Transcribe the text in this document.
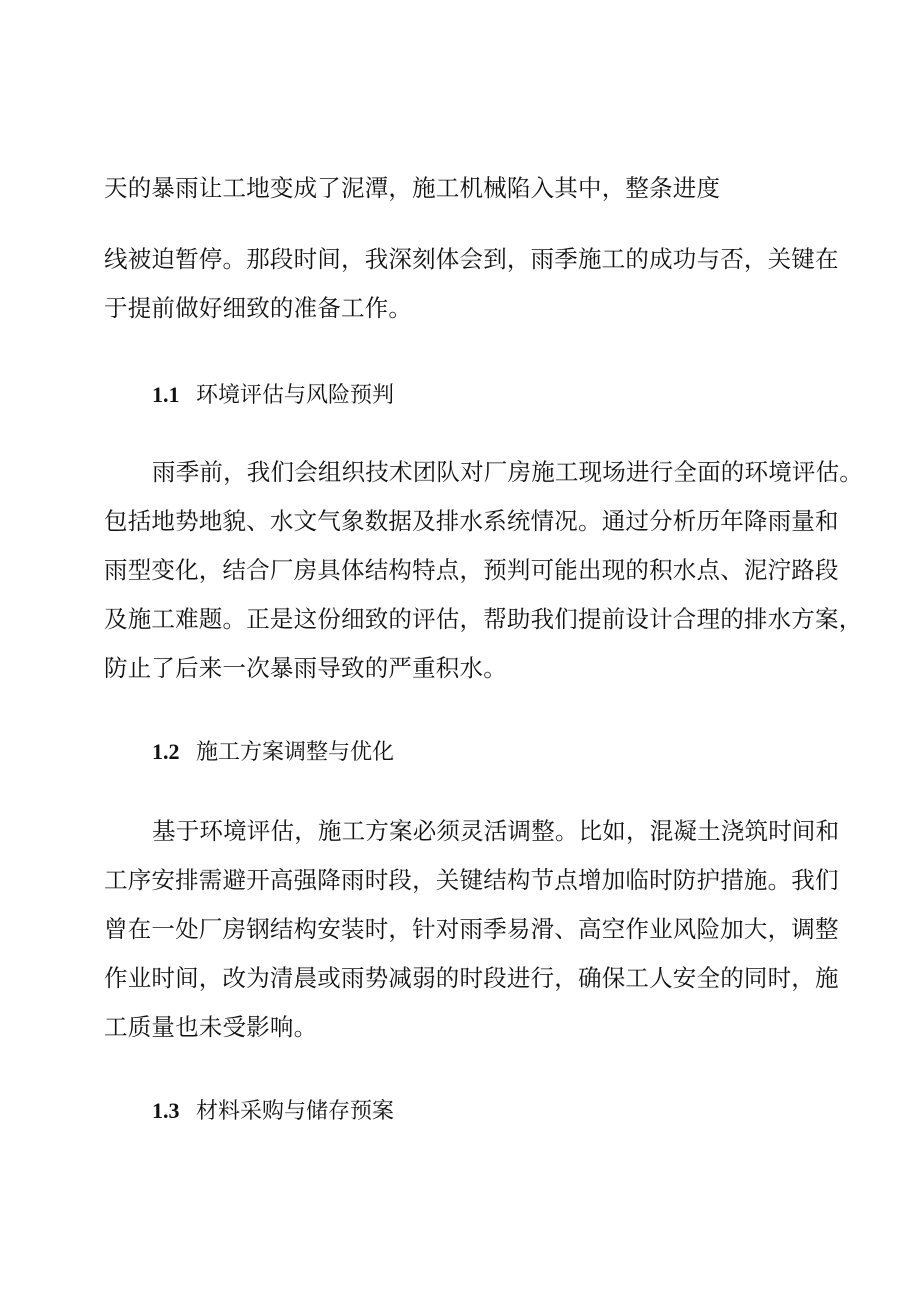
天的暴雨让工地变成了泥潭，施工机械陷入其中，整条进度
线被迫暂停。那段时间，我深刻体会到，雨季施工的成功与否，关键在
于提前做好细致的准备工作。
1.1 环境评估与风险预判
雨季前，我们会组织技术团队对厂房施工现场进行全面的环境评估。
包括地势地貌、水文气象数据及排水系统情况。通过分析历年降雨量和
雨型变化，结合厂房具体结构特点，预判可能出现的积水点、泥泞路段
及施工难题。正是这份细致的评估，帮助我们提前设计合理的排水方案，
防止了后来一次暴雨导致的严重积水。
1.2 施工方案调整与优化
基于环境评估，施工方案必须灵活调整。比如，混凝土浇筑时间和
工序安排需避开高强降雨时段，关键结构节点增加临时防护措施。我们
曾在一处厂房钢结构安装时，针对雨季易滑、高空作业风险加大，调整
作业时间，改为清晨或雨势减弱的时段进行，确保工人安全的同时，施
工质量也未受影响。
1.3 材料采购与储存预案
